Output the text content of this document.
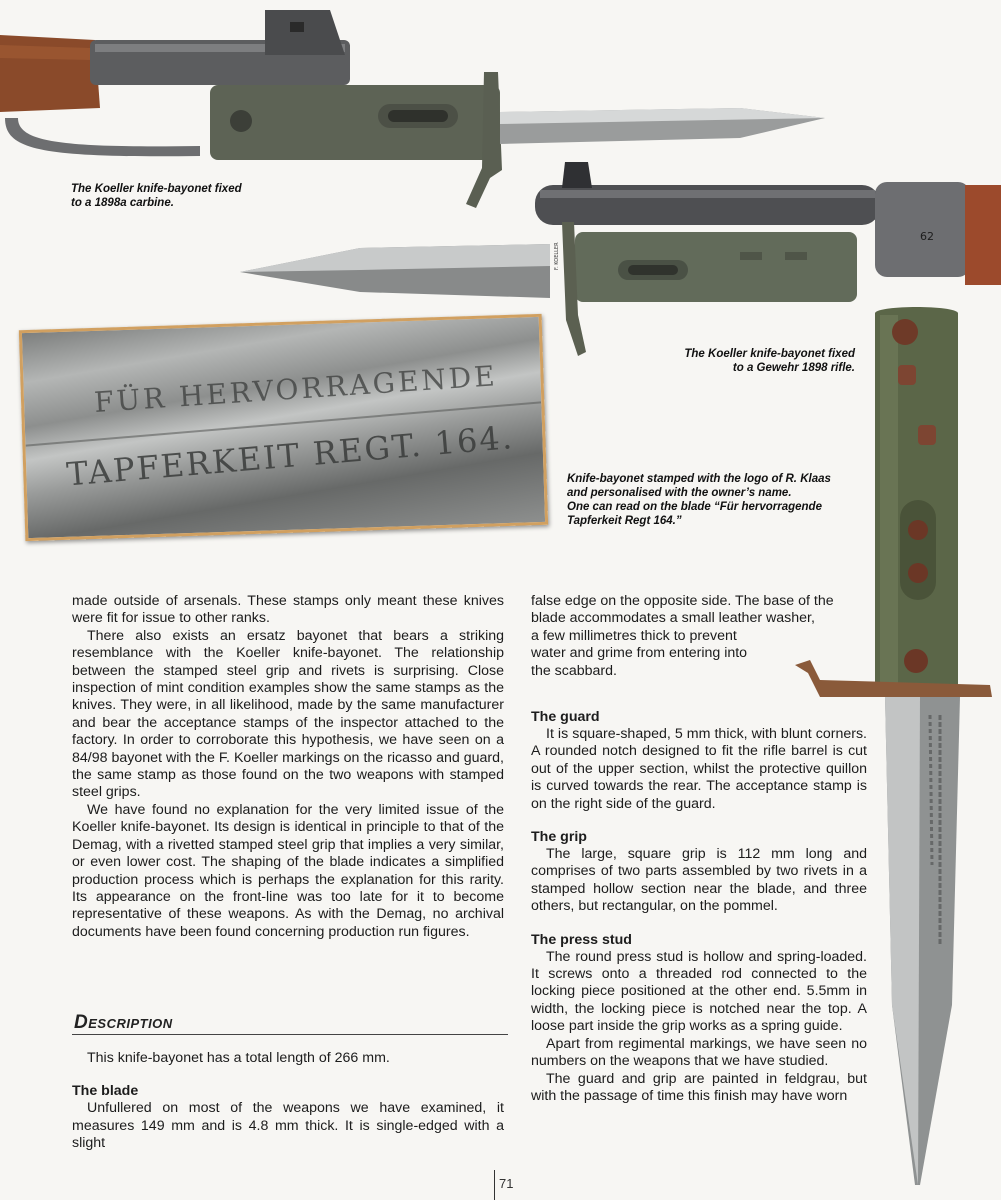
The Koeller knife-bayonet fixed
to a 1898a carbine.
62
F. KOELLER
The Koeller knife-bayonet fixed
to a Gewehr 1898 rifle.
FÜR HERVORRAGENDE
TAPFERKEIT REGT. 164.	Knife-bayonet stamped with the logo of R. Klaas
and personalised with the owner’s name.
One can read on the blade “Für hervorragende
Tapferkeit Regt 164.”

made outside of arsenals. These stamps only meant these knives were fit for issue to other ranks.

There also exists an ersatz bayonet that bears a striking resemblance with the Koeller knife-bayonet. The relationship between the stamped steel grip and rivets is surprising. Close inspection of mint condition examples show the same stamps as the knives. They were, in all likelihood, made by the same manufacturer and bear the acceptance stamps of the inspector attached to the factory. In order to corroborate this hypothesis, we have seen on a 84/98 bayonet with the F. Koeller markings on the ricasso and guard, the same stamp as those found on the two weapons with stamped steel grips.

We have found no explanation for the very limited issue of the Koeller knife-bayonet. Its design is identical in principle to that of the Demag, with a rivetted stamped steel grip that implies a very similar, or even lower cost. The shaping of the blade indicates a simplified production process which is perhaps the explanation for this rarity. Its appearance on the front-line was too late for it to become representative of these weapons. As with the Demag, no archival documents have been found concerning production run figures.

Description

This knife-bayonet has a total length of 266 mm.

The blade

Unfullered on most of the weapons we have examined, it measures 149 mm and is 4.8 mm thick. It is single-edged with a slight

false edge on the opposite side. The base of the

blade accommodates a small leather washer,

a few millimetres thick to prevent

water and grime from entering into

the scabbard.

The guard

It is square-shaped, 5 mm thick, with blunt corners. A rounded notch designed to fit the rifle barrel is cut out of the upper section, whilst the protective quillon is curved towards the rear. The acceptance stamp is on the right side of the guard.

The grip

The large, square grip is 112 mm long and comprises of two parts assembled by two rivets in a stamped hollow section near the blade, and three others, but rectangular, on the pommel.

The press stud

The round press stud is hollow and spring-loaded. It screws onto a threaded rod connected to the locking piece positioned at the other end. 5.5mm in width, the locking piece is notched near the top. A loose part inside the grip works as a spring guide.

Apart from regimental markings, we have seen no numbers on the weapons that we have studied.

The guard and grip are painted in feldgrau, but with the passage of time this finish may have worn

71
